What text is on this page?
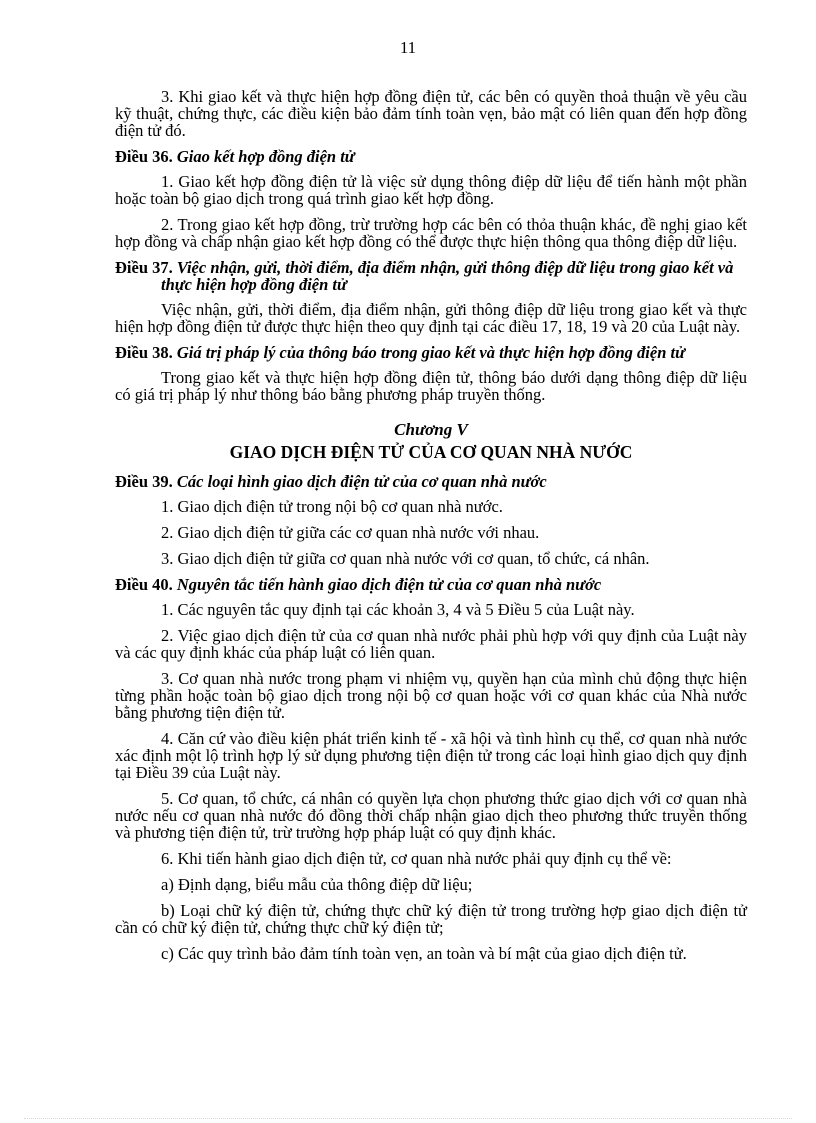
11

3. Khi giao kết và thực hiện hợp đồng điện tử, các bên có quyền thoả thuận về yêu cầu kỹ thuật, chứng thực, các điều kiện bảo đảm tính toàn vẹn, bảo mật có liên quan đến hợp đồng điện tử đó.

Điều 36. Giao kết hợp đồng điện tử

1. Giao kết hợp đồng điện tử là việc sử dụng thông điệp dữ liệu để tiến hành một phần hoặc toàn bộ giao dịch trong quá trình giao kết hợp đồng.

2. Trong giao kết hợp đồng, trừ trường hợp các bên có thỏa thuận khác, đề nghị giao kết hợp đồng và chấp nhận giao kết hợp đồng có thể được thực hiện thông qua thông điệp dữ liệu.

Điều 37. Việc nhận, gửi, thời điểm, địa điểm nhận, gửi thông điệp dữ liệu trong giao kết và thực hiện hợp đồng điện tử

Việc nhận, gửi, thời điểm, địa điểm nhận, gửi thông điệp dữ liệu trong giao kết và thực hiện hợp đồng điện tử được thực hiện theo quy định tại các điều 17, 18, 19 và 20 của Luật này.

Điều 38. Giá trị pháp lý của thông báo trong giao kết và thực hiện hợp đồng điện tử

Trong giao kết và thực hiện hợp đồng điện tử, thông báo dưới dạng thông điệp dữ liệu có giá trị pháp lý như thông báo bằng phương pháp truyền thống.

Chương V
GIAO DỊCH ĐIỆN TỬ CỦA CƠ QUAN NHÀ NƯỚC
Điều 39. Các loại hình giao dịch điện tử của cơ quan nhà nước

1. Giao dịch điện tử trong nội bộ cơ quan nhà nước.

2. Giao dịch điện tử giữa các cơ quan nhà nước với nhau.

3. Giao dịch điện tử giữa cơ quan nhà nước với cơ quan, tổ chức, cá nhân.

Điều 40. Nguyên tắc tiến hành giao dịch điện tử của cơ quan nhà nước

1. Các nguyên tắc quy định tại các khoản 3, 4 và 5 Điều 5 của Luật này.

2. Việc giao dịch điện tử của cơ quan nhà nước phải phù hợp với quy định của Luật này và các quy định khác của pháp luật có liên quan.

3. Cơ quan nhà nước trong phạm vi nhiệm vụ, quyền hạn của mình chủ động thực hiện từng phần hoặc toàn bộ giao dịch trong nội bộ cơ quan hoặc với cơ quan khác của Nhà nước bằng phương tiện điện tử.

4. Căn cứ vào điều kiện phát triển kinh tế - xã hội và tình hình cụ thể, cơ quan nhà nước xác định một lộ trình hợp lý sử dụng phương tiện điện tử trong các loại hình giao dịch quy định tại Điều 39 của Luật này.

5. Cơ quan, tổ chức, cá nhân có quyền lựa chọn phương thức giao dịch với cơ quan nhà nước nếu cơ quan nhà nước đó đồng thời chấp nhận giao dịch theo phương thức truyền thống và phương tiện điện tử, trừ trường hợp pháp luật có quy định khác.

6. Khi tiến hành giao dịch điện tử, cơ quan nhà nước phải quy định cụ thể về:

a) Định dạng, biểu mẫu của thông điệp dữ liệu;

b) Loại chữ ký điện tử, chứng thực chữ ký điện tử trong trường hợp giao dịch điện tử cần có chữ ký điện tử, chứng thực chữ ký điện tử;

c) Các quy trình bảo đảm tính toàn vẹn, an toàn và bí mật của giao dịch điện tử.
